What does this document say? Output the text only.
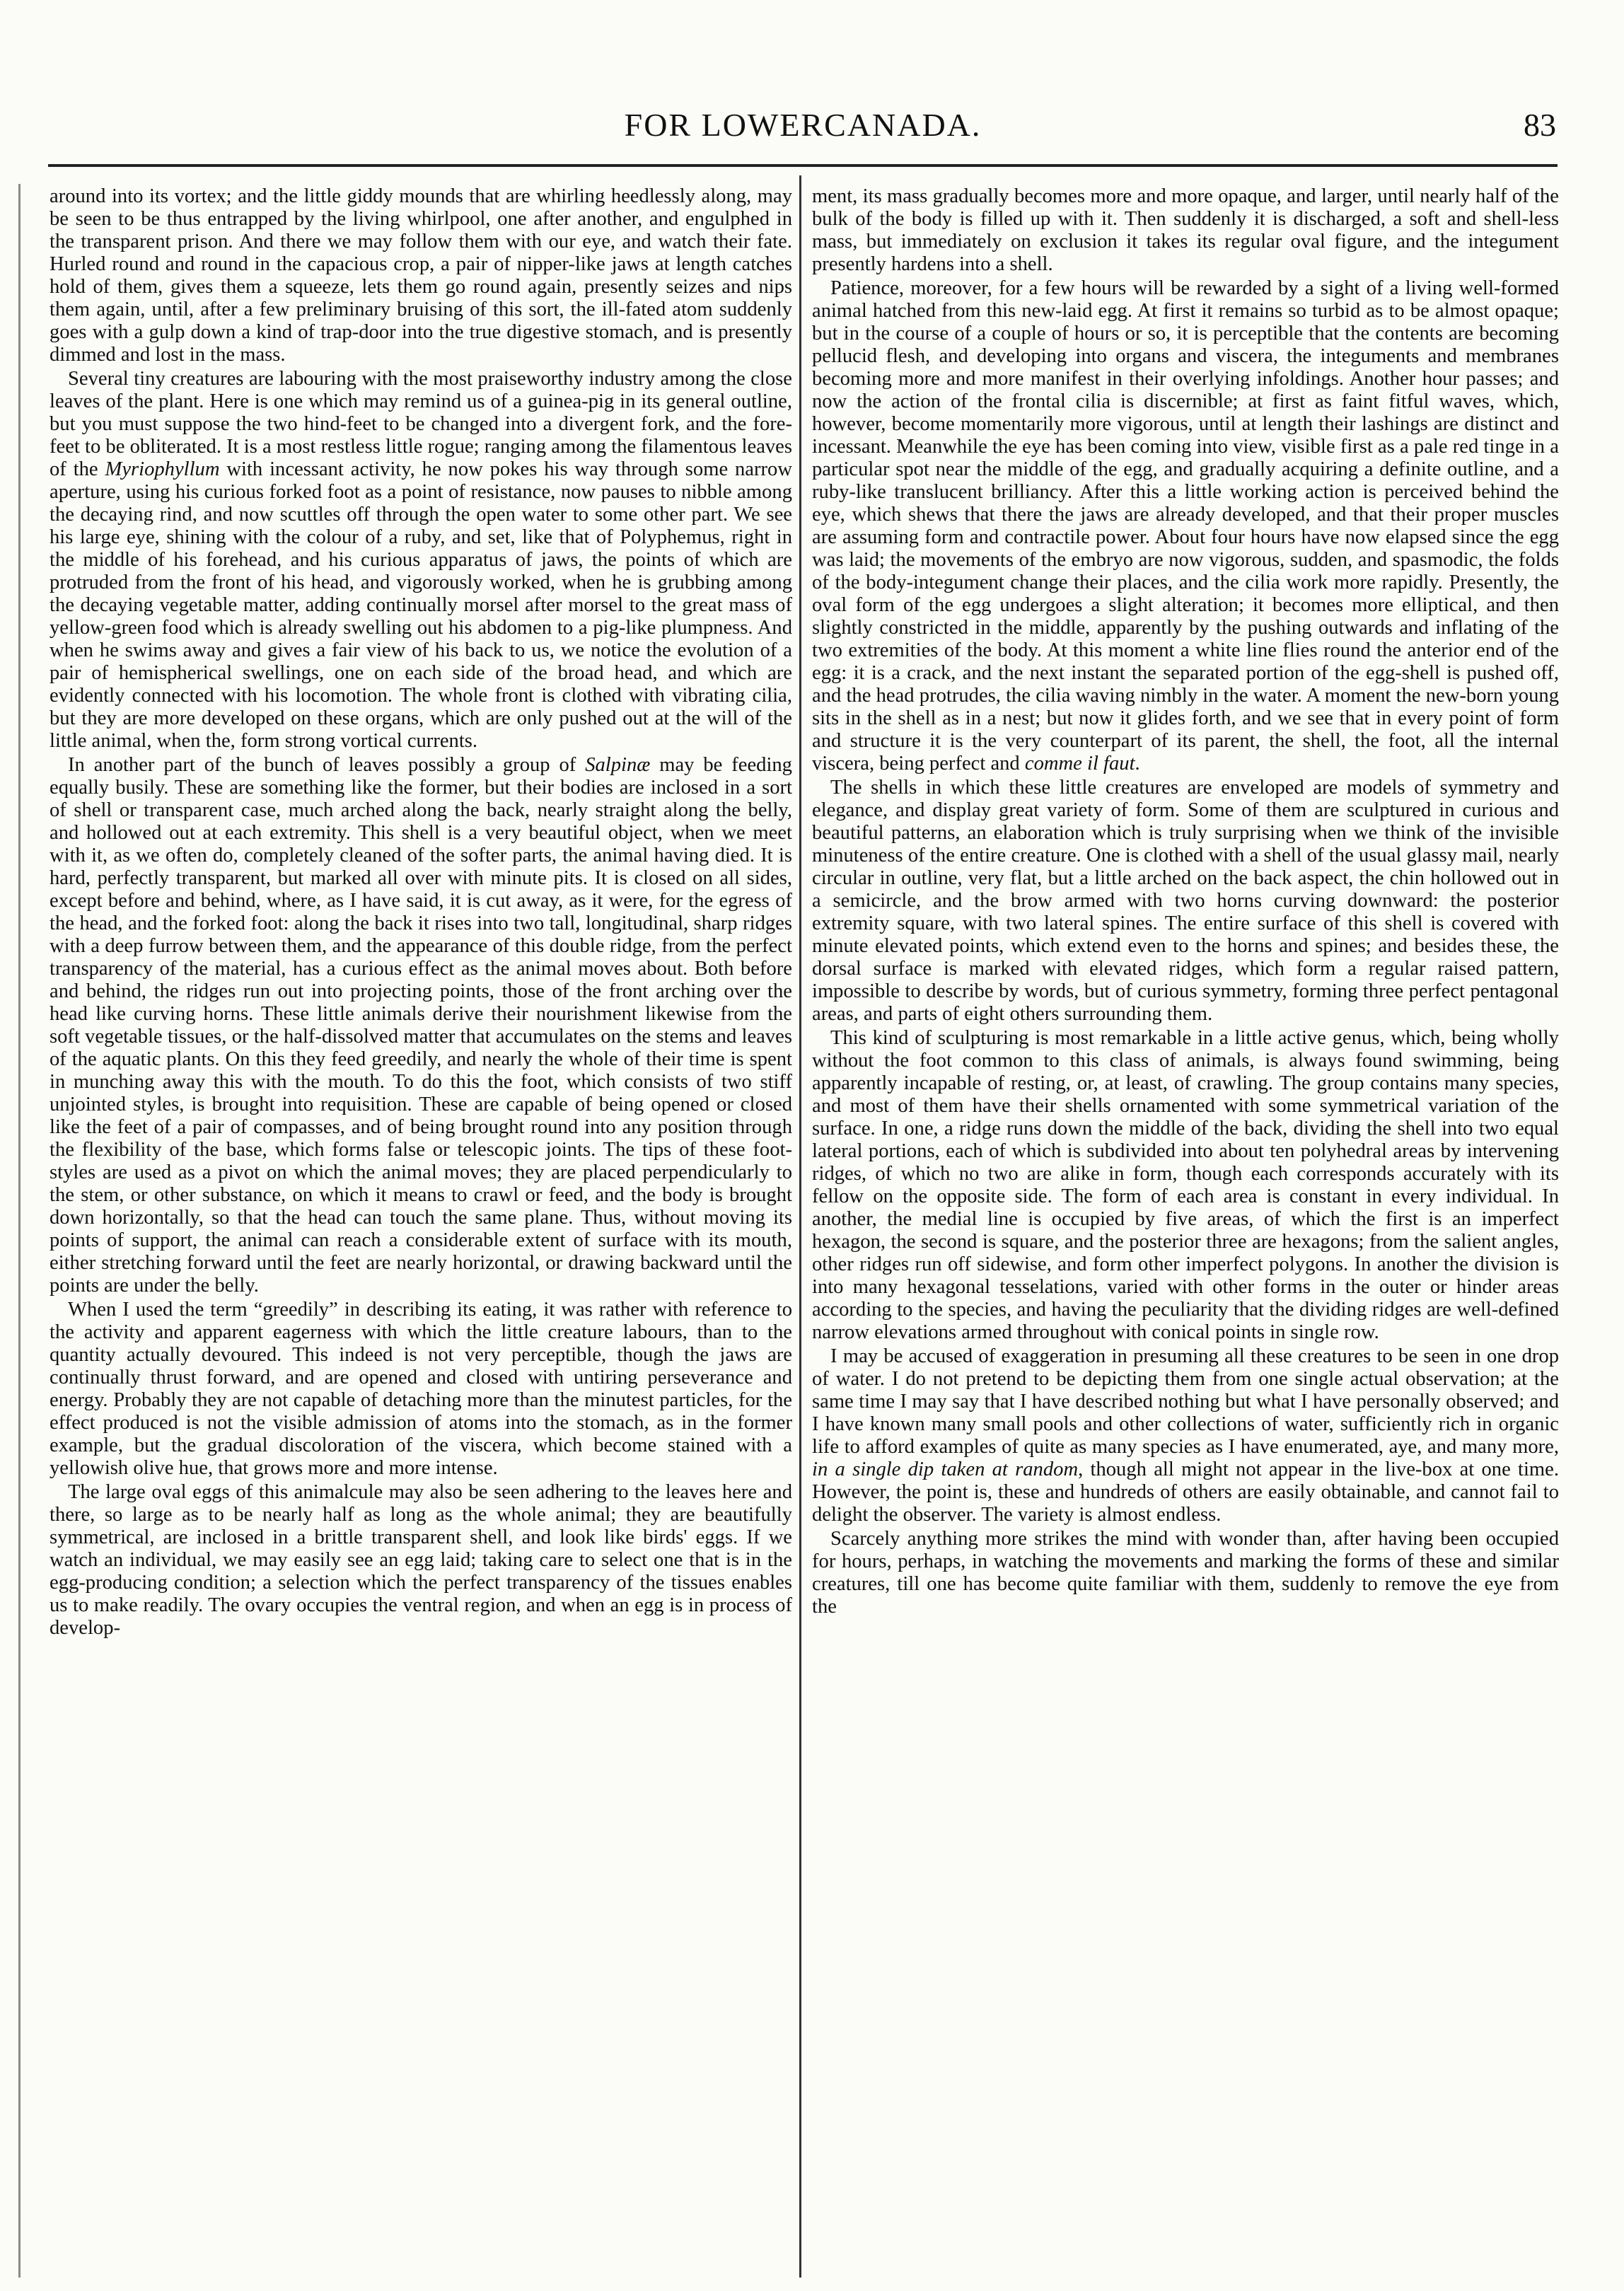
FOR LOWERCANADA.	83

around into its vortex; and the little giddy mounds that are whirling heedlessly along, may be seen to be thus entrapped by the living whirlpool, one after another, and engulphed in the transparent prison. And there we may follow them with our eye, and watch their fate. Hurled round and round in the capacious crop, a pair of nipper-like jaws at length catches hold of them, gives them a squeeze, lets them go round again, presently seizes and nips them again, until, after a few preliminary bruising of this sort, the ill-fated atom suddenly goes with a gulp down a kind of trap-door into the true digestive stomach, and is presently dimmed and lost in the mass.

Several tiny creatures are labouring with the most praiseworthy industry among the close leaves of the plant. Here is one which may remind us of a guinea-pig in its general outline, but you must suppose the two hind-feet to be changed into a divergent fork, and the fore-feet to be obliterated. It is a most restless little rogue; ranging among the filamentous leaves of the Myriophyllum with incessant activity, he now pokes his way through some narrow aperture, using his curious forked foot as a point of resistance, now pauses to nibble among the decaying rind, and now scuttles off through the open water to some other part. We see his large eye, shining with the colour of a ruby, and set, like that of Polyphemus, right in the middle of his forehead, and his curious apparatus of jaws, the points of which are protruded from the front of his head, and vigorously worked, when he is grubbing among the decaying vegetable matter, adding continually morsel after morsel to the great mass of yellow-green food which is already swelling out his abdomen to a pig-like plumpness. And when he swims away and gives a fair view of his back to us, we notice the evolution of a pair of hemispherical swellings, one on each side of the broad head, and which are evidently connected with his locomotion. The whole front is clothed with vibrating cilia, but they are more developed on these organs, which are only pushed out at the will of the little animal, when the, form strong vortical currents.

In another part of the bunch of leaves possibly a group of Salpinæ may be feeding equally busily. These are something like the former, but their bodies are inclosed in a sort of shell or transparent case, much arched along the back, nearly straight along the belly, and hollowed out at each extremity. This shell is a very beautiful object, when we meet with it, as we often do, completely cleaned of the softer parts, the animal having died. It is hard, perfectly transparent, but marked all over with minute pits. It is closed on all sides, except before and behind, where, as I have said, it is cut away, as it were, for the egress of the head, and the forked foot: along the back it rises into two tall, longitudinal, sharp ridges with a deep furrow between them, and the appearance of this double ridge, from the perfect transparency of the material, has a curious effect as the animal moves about. Both before and behind, the ridges run out into projecting points, those of the front arching over the head like curving horns. These little animals derive their nourishment likewise from the soft vegetable tissues, or the half-dissolved matter that accumulates on the stems and leaves of the aquatic plants. On this they feed greedily, and nearly the whole of their time is spent in munching away this with the mouth. To do this the foot, which consists of two stiff unjointed styles, is brought into requisition. These are capable of being opened or closed like the feet of a pair of compasses, and of being brought round into any position through the flexibility of the base, which forms false or telescopic joints. The tips of these foot-styles are used as a pivot on which the animal moves; they are placed perpendicularly to the stem, or other substance, on which it means to crawl or feed, and the body is brought down horizontally, so that the head can touch the same plane. Thus, without moving its points of support, the animal can reach a considerable extent of surface with its mouth, either stretching forward until the feet are nearly horizontal, or drawing backward until the points are under the belly.

When I used the term “greedily” in describing its eating, it was rather with reference to the activity and apparent eagerness with which the little creature labours, than to the quantity actually devoured. This indeed is not very perceptible, though the jaws are continually thrust forward, and are opened and closed with untiring perseverance and energy. Probably they are not capable of detaching more than the minutest particles, for the effect produced is not the visible admission of atoms into the stomach, as in the former example, but the gradual discoloration of the viscera, which become stained with a yellowish olive hue, that grows more and more intense.

The large oval eggs of this animalcule may also be seen adhering to the leaves here and there, so large as to be nearly half as long as the whole animal; they are beautifully symmetrical, are inclosed in a brittle transparent shell, and look like birds' eggs. If we watch an individual, we may easily see an egg laid; taking care to select one that is in the egg-producing condition; a selection which the perfect transparency of the tissues enables us to make readily. The ovary occupies the ventral region, and when an egg is in process of develop-

ment, its mass gradually becomes more and more opaque, and larger, until nearly half of the bulk of the body is filled up with it. Then suddenly it is discharged, a soft and shell-less mass, but immediately on exclusion it takes its regular oval figure, and the integument presently hardens into a shell.

Patience, moreover, for a few hours will be rewarded by a sight of a living well-formed animal hatched from this new-laid egg. At first it remains so turbid as to be almost opaque; but in the course of a couple of hours or so, it is perceptible that the contents are becoming pellucid flesh, and developing into organs and viscera, the integuments and membranes becoming more and more manifest in their overlying infoldings. Another hour passes; and now the action of the frontal cilia is discernible; at first as faint fitful waves, which, however, become momentarily more vigorous, until at length their lashings are distinct and incessant. Meanwhile the eye has been coming into view, visible first as a pale red tinge in a particular spot near the middle of the egg, and gradually acquiring a definite outline, and a ruby-like translucent brilliancy. After this a little working action is perceived behind the eye, which shews that there the jaws are already developed, and that their proper muscles are assuming form and contractile power. About four hours have now elapsed since the egg was laid; the movements of the embryo are now vigorous, sudden, and spasmodic, the folds of the body-integument change their places, and the cilia work more rapidly. Presently, the oval form of the egg undergoes a slight alteration; it becomes more elliptical, and then slightly constricted in the middle, apparently by the pushing outwards and inflating of the two extremities of the body. At this moment a white line flies round the anterior end of the egg: it is a crack, and the next instant the separated portion of the egg-shell is pushed off, and the head protrudes, the cilia waving nimbly in the water. A moment the new-born young sits in the shell as in a nest; but now it glides forth, and we see that in every point of form and structure it is the very counterpart of its parent, the shell, the foot, all the internal viscera, being perfect and comme il faut.

The shells in which these little creatures are enveloped are models of symmetry and elegance, and display great variety of form. Some of them are sculptured in curious and beautiful patterns, an elaboration which is truly surprising when we think of the invisible minuteness of the entire creature. One is clothed with a shell of the usual glassy mail, nearly circular in outline, very flat, but a little arched on the back aspect, the chin hollowed out in a semicircle, and the brow armed with two horns curving downward: the posterior extremity square, with two lateral spines. The entire surface of this shell is covered with minute elevated points, which extend even to the horns and spines; and besides these, the dorsal surface is marked with elevated ridges, which form a regular raised pattern, impossible to describe by words, but of curious symmetry, forming three perfect pentagonal areas, and parts of eight others surrounding them.

This kind of sculpturing is most remarkable in a little active genus, which, being wholly without the foot common to this class of animals, is always found swimming, being apparently incapable of resting, or, at least, of crawling. The group contains many species, and most of them have their shells ornamented with some symmetrical variation of the surface. In one, a ridge runs down the middle of the back, dividing the shell into two equal lateral portions, each of which is subdivided into about ten polyhedral areas by intervening ridges, of which no two are alike in form, though each corresponds accurately with its fellow on the opposite side. The form of each area is constant in every individual. In another, the medial line is occupied by five areas, of which the first is an imperfect hexagon, the second is square, and the posterior three are hexagons; from the salient angles, other ridges run off sidewise, and form other imperfect polygons. In another the division is into many hexagonal tesselations, varied with other forms in the outer or hinder areas according to the species, and having the peculiarity that the dividing ridges are well-defined narrow elevations armed throughout with conical points in single row.

I may be accused of exaggeration in presuming all these creatures to be seen in one drop of water. I do not pretend to be depicting them from one single actual observation; at the same time I may say that I have described nothing but what I have personally observed; and I have known many small pools and other collections of water, sufficiently rich in organic life to afford examples of quite as many species as I have enumerated, aye, and many more, in a single dip taken at random, though all might not appear in the live-box at one time. However, the point is, these and hundreds of others are easily obtainable, and cannot fail to delight the observer. The variety is almost endless.

Scarcely anything more strikes the mind with wonder than, after having been occupied for hours, perhaps, in watching the movements and marking the forms of these and similar creatures, till one has become quite familiar with them, suddenly to remove the eye from the
